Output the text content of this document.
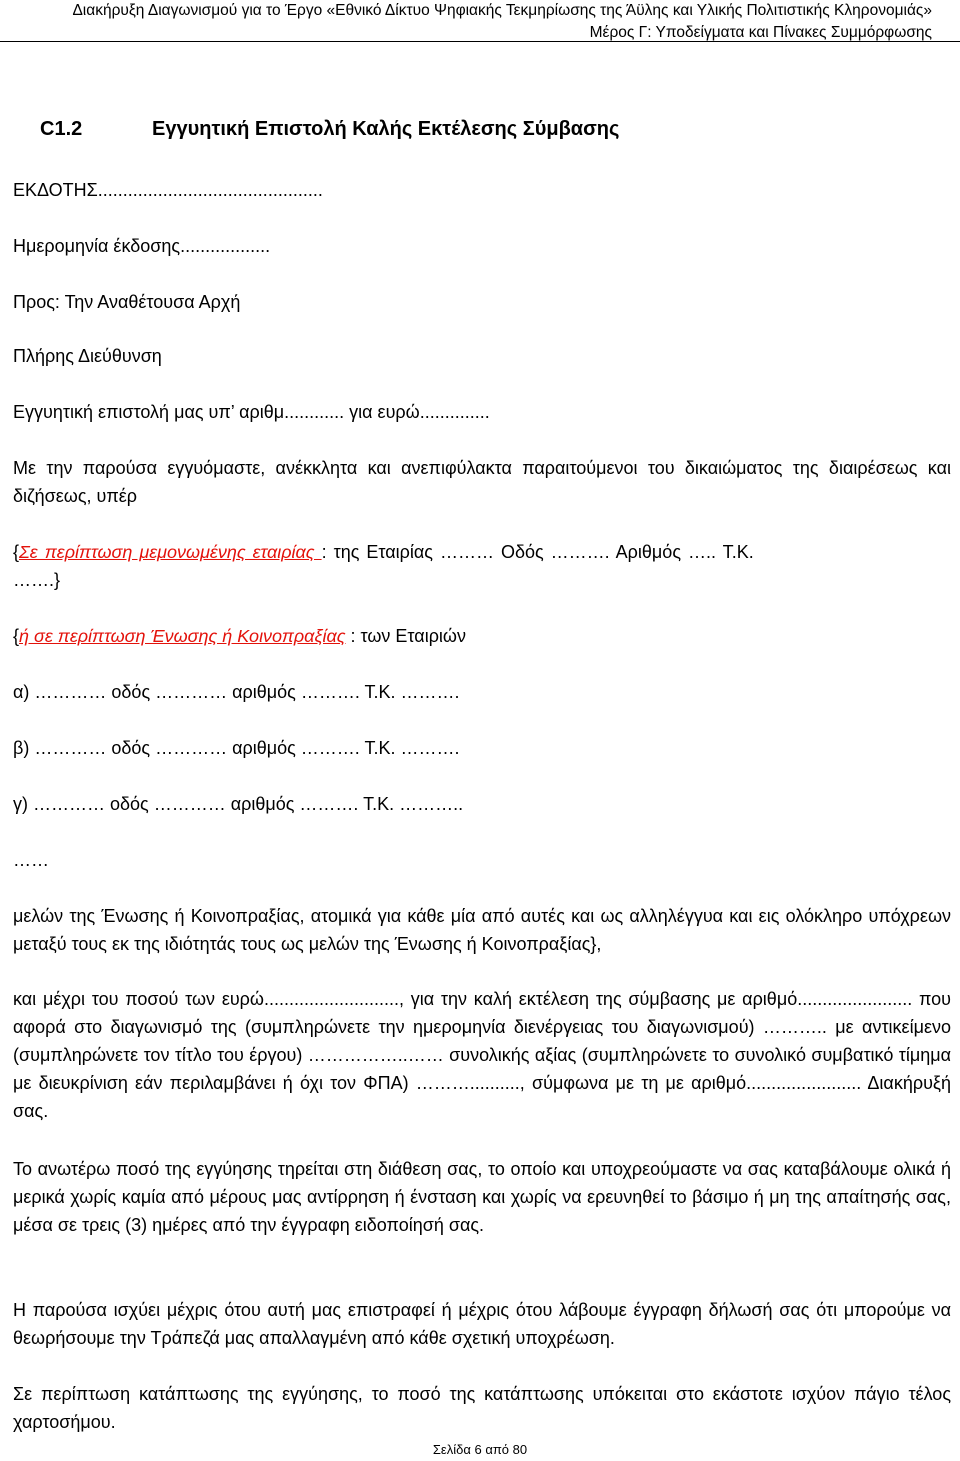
Διακήρυξη Διαγωνισμού για το Έργο «Εθνικό Δίκτυο Ψηφιακής Τεκμηρίωσης της Άϋλης και Υλικής Πολιτιστικής Κληρονομιάς»
Μέρος Γ: Υποδείγματα και Πίνακες Συμμόρφωσης
C1.2	Εγγυητική Επιστολή Καλής Εκτέλεσης Σύμβασης
ΕΚΔΟΤΗΣ.............................................
Ημερομηνία έκδοσης..................
Προς: Την Αναθέτουσα Αρχή
Πλήρης Διεύθυνση
Εγγυητική επιστολή μας υπ’ αριθμ............ για ευρώ..............
Με την παρούσα εγγυόμαστε, ανέκκλητα και ανεπιφύλακτα παραιτούμενοι του δικαιώματος της διαιρέσεως και διζήσεως, υπέρ
{Σε περίπτωση μεμονωμένης εταιρίας : της Εταιρίας ……… Οδός ………. Αριθμός ….. Τ.Κ.
…….}
{ή σε περίπτωση Ένωσης ή Κοινοπραξίας : των Εταιριών
α) ………… οδός ………… αριθμός ………. Τ.Κ. ……….
β) ………… οδός ………… αριθμός ………. Τ.Κ. ……….
γ) ………… οδός ………… αριθμός ………. Τ.Κ. ………..
……
μελών της Ένωσης ή Κοινοπραξίας, ατομικά για κάθε μία από αυτές και ως αλληλέγγυα και εις ολόκληρο υπόχρεων μεταξύ τους εκ της ιδιότητάς τους ως μελών της Ένωσης ή Κοινοπραξίας},
και μέχρι του ποσού των ευρώ..........................., για την καλή εκτέλεση της σύμβασης με αριθμό....................... που αφορά στο διαγωνισμό της (συμπληρώνετε την ημερομηνία διενέργειας του διαγωνισμού) ……….. με αντικείμενο (συμπληρώνετε τον τίτλο του έργου) ……………..…… συνολικής αξίας (συμπληρώνετε το συνολικό συμβατικό τίμημα με διευκρίνιση εάν περιλαμβάνει ή όχι τον ΦΠΑ) ……….........., σύμφωνα με τη με αριθμό....................... Διακήρυξή σας.
Το ανωτέρω ποσό της εγγύησης τηρείται στη διάθεση σας, το οποίο και υποχρεούμαστε να σας καταβάλουμε ολικά ή μερικά χωρίς καμία από μέρους μας αντίρρηση ή ένσταση και χωρίς να ερευνηθεί το βάσιμο ή μη της απαίτησής σας, μέσα σε τρεις (3) ημέρες από την έγγραφη ειδοποίησή σας.
Η παρούσα ισχύει μέχρις ότου αυτή μας επιστραφεί ή μέχρις ότου λάβουμε έγγραφη δήλωσή σας ότι μπορούμε να θεωρήσουμε την Τράπεζά μας απαλλαγμένη από κάθε σχετική υποχρέωση.
Σε περίπτωση κατάπτωσης της εγγύησης, το ποσό της κατάπτωσης υπόκειται στο εκάστοτε ισχύον πάγιο τέλος χαρτοσήμου.
Σελίδα 6 από 80
